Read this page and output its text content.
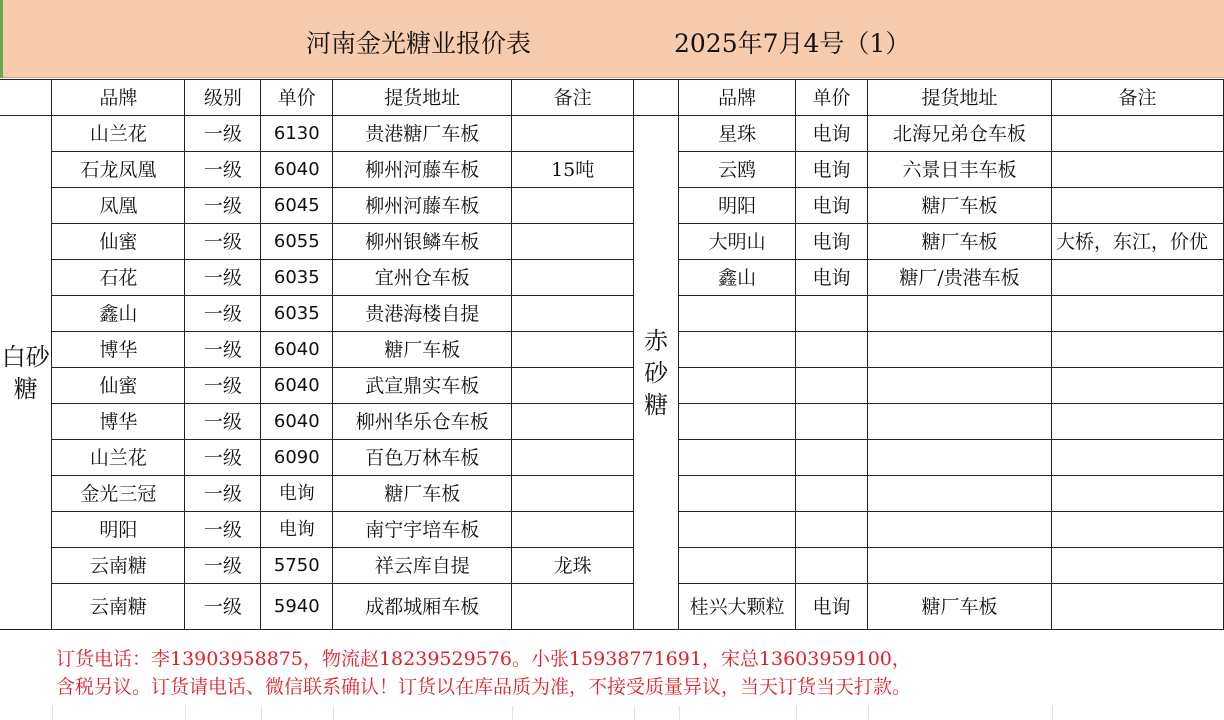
河南金光糖业报价表	2025年7月4号（1）
	品牌	级别	单价	提货地址	备注		品牌	单价	提货地址	备注
白砂糖	山兰花	一级	6130	贵港糖厂车板		赤砂糖	星珠	电询	北海兄弟仓车板	
	石龙凤凰	一级	6040	柳州河藤车板	15吨		云鸥	电询	六景日丰车板	
	凤凰	一级	6045	柳州河藤车板			明阳	电询	糖厂车板	
	仙蜜	一级	6055	柳州银鳞车板			大明山	电询	糖厂车板	大桥，东江，价优
	石花	一级	6035	宜州仓车板			鑫山	电询	糖厂/贵港车板	
	鑫山	一级	6035	贵港海楼自提						
	博华	一级	6040	糖厂车板						
	仙蜜	一级	6040	武宣鼎实车板						
	博华	一级	6040	柳州华乐仓车板						
	山兰花	一级	6090	百色万林车板						
	金光三冠	一级	电询	糖厂车板						
	明阳	一级	电询	南宁宇培车板						
	云南糖	一级	5750	祥云库自提	龙珠					
	云南糖	一级	5940	成都城厢车板			桂兴大颗粒	电询	糖厂车板	
订货电话：李13903958875，物流赵18239529576。小张15938771691，宋总13603959100，
含税另议。订货请电话、微信联系确认！订货以在库品质为准，不接受质量异议，当天订货当天打款。
